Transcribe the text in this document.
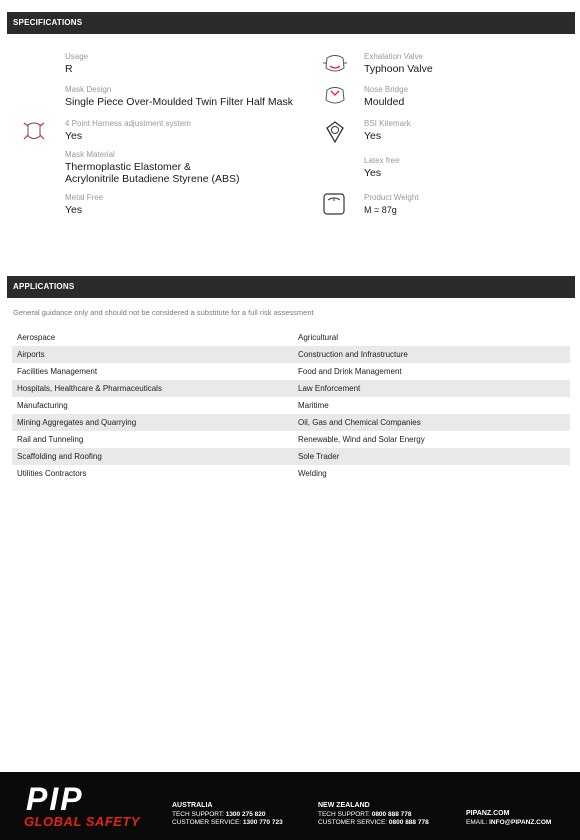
SPECIFICATIONS
Usage
R
Mask Design
Single Piece Over-Moulded Twin Filter Half Mask
4 Point Harness adjustment system
Yes
Mask Material
Thermoplastic Elastomer &
Acrylonitrile Butadiene Styrene (ABS)
Metal Free
Yes
Exhalation Valve
Typhoon Valve
Nose Bridge
Moulded
BSI Kitemark
Yes
Latex free
Yes
Product Weight
M = 87g
APPLICATIONS
General guidance only and should not be considered a substitute for a full risk assessment
Aerospace	Agricultural
Airports	Construction and Infrastructure
Facilities Management	Food and Drink Management
Hospitals, Healthcare & Pharmaceuticals	Law Enforcement
Manufacturing	Maritime
Mining Aggregates and Quarrying	Oil, Gas and Chemical Companies
Rail and Tunneling	Renewable, Wind and Solar Energy
Scaffolding and Roofing	Sole Trader
Utilities Contractors	Welding
PIP
GLOBAL SAFETY
AUSTRALIA
TECH SUPPORT: 1300 275 820
CUSTOMER SERVICE: 1300 770 723
NEW ZEALAND
TECH SUPPORT: 0800 888 778
CUSTOMER SERVICE: 0800 888 778
PIPANZ.COM
EMAIL: INFO@PIPANZ.COM
